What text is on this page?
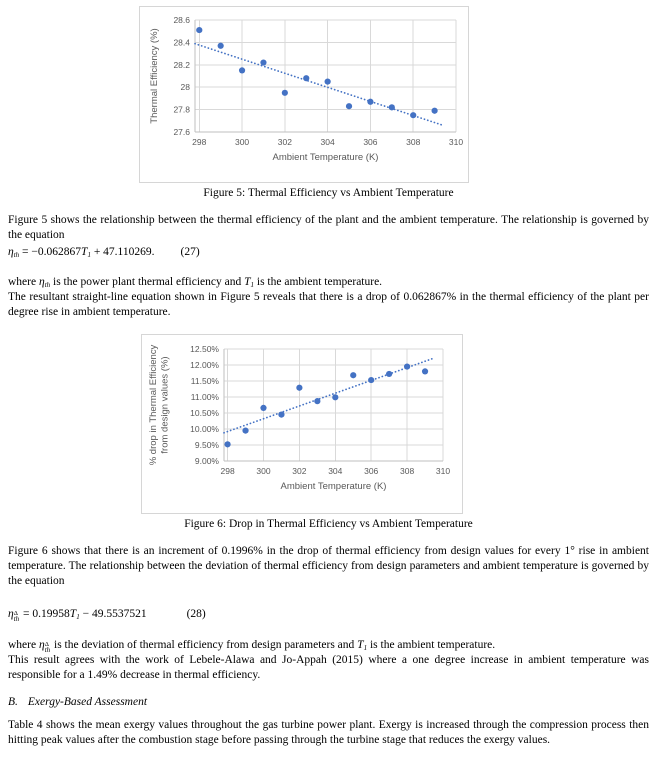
27.6
27.8
28
28.2
28.4
28.6
298	300	302	304	306	308	310
Ambient Temperature (K)
Thermal Efficiency (%)
Figure 5: Thermal Efficiency vs Ambient Temperature

Figure 5 shows the relationship between the thermal efficiency of the plant and the ambient temperature. The relationship is governed by the equation

$\eta_{th} = -0.062867T_1 + 47.110269$. (27)

where $\eta_{th}$ is the power plant thermal efficiency and $T_1$ is the ambient temperature.

The resultant straight-line equation shown in Figure 5 reveals that there is a drop of 0.062867% in the thermal efficiency of the plant per degree rise in ambient temperature.

9.00%
9.50%
10.00%
10.50%
11.00%
11.50%
12.00%
12.50%
298	300	302	304	306	308	310
Ambient Temperature (K)
% drop in Thermal Efficiency from design values (%)
Figure 6: Drop in Thermal Efficiency vs Ambient Temperature

Figure 6 shows that there is an increment of 0.1996% in the drop of thermal efficiency from design values for every 1° rise in ambient temperature. The relationship between the deviation of thermal efficiency from design parameters and ambient temperature is governed by the equation

η Δ
th = $0.19958T_1 - 49.5537521$	(28)

where η Δ
th is the deviation of thermal efficiency from design parameters and $T_1$ is the ambient temperature.

This result agrees with the work of Lebele-Alawa and Jo-Appah (2015) where a one degree increase in ambient temperature was responsible for a 1.49% decrease in thermal efficiency.

B. Exergy-Based Assessment

Table 4 shows the mean exergy values throughout the gas turbine power plant. Exergy is increased through the compression process then hitting peak values after the combustion stage before passing through the turbine stage that reduces the exergy values.
